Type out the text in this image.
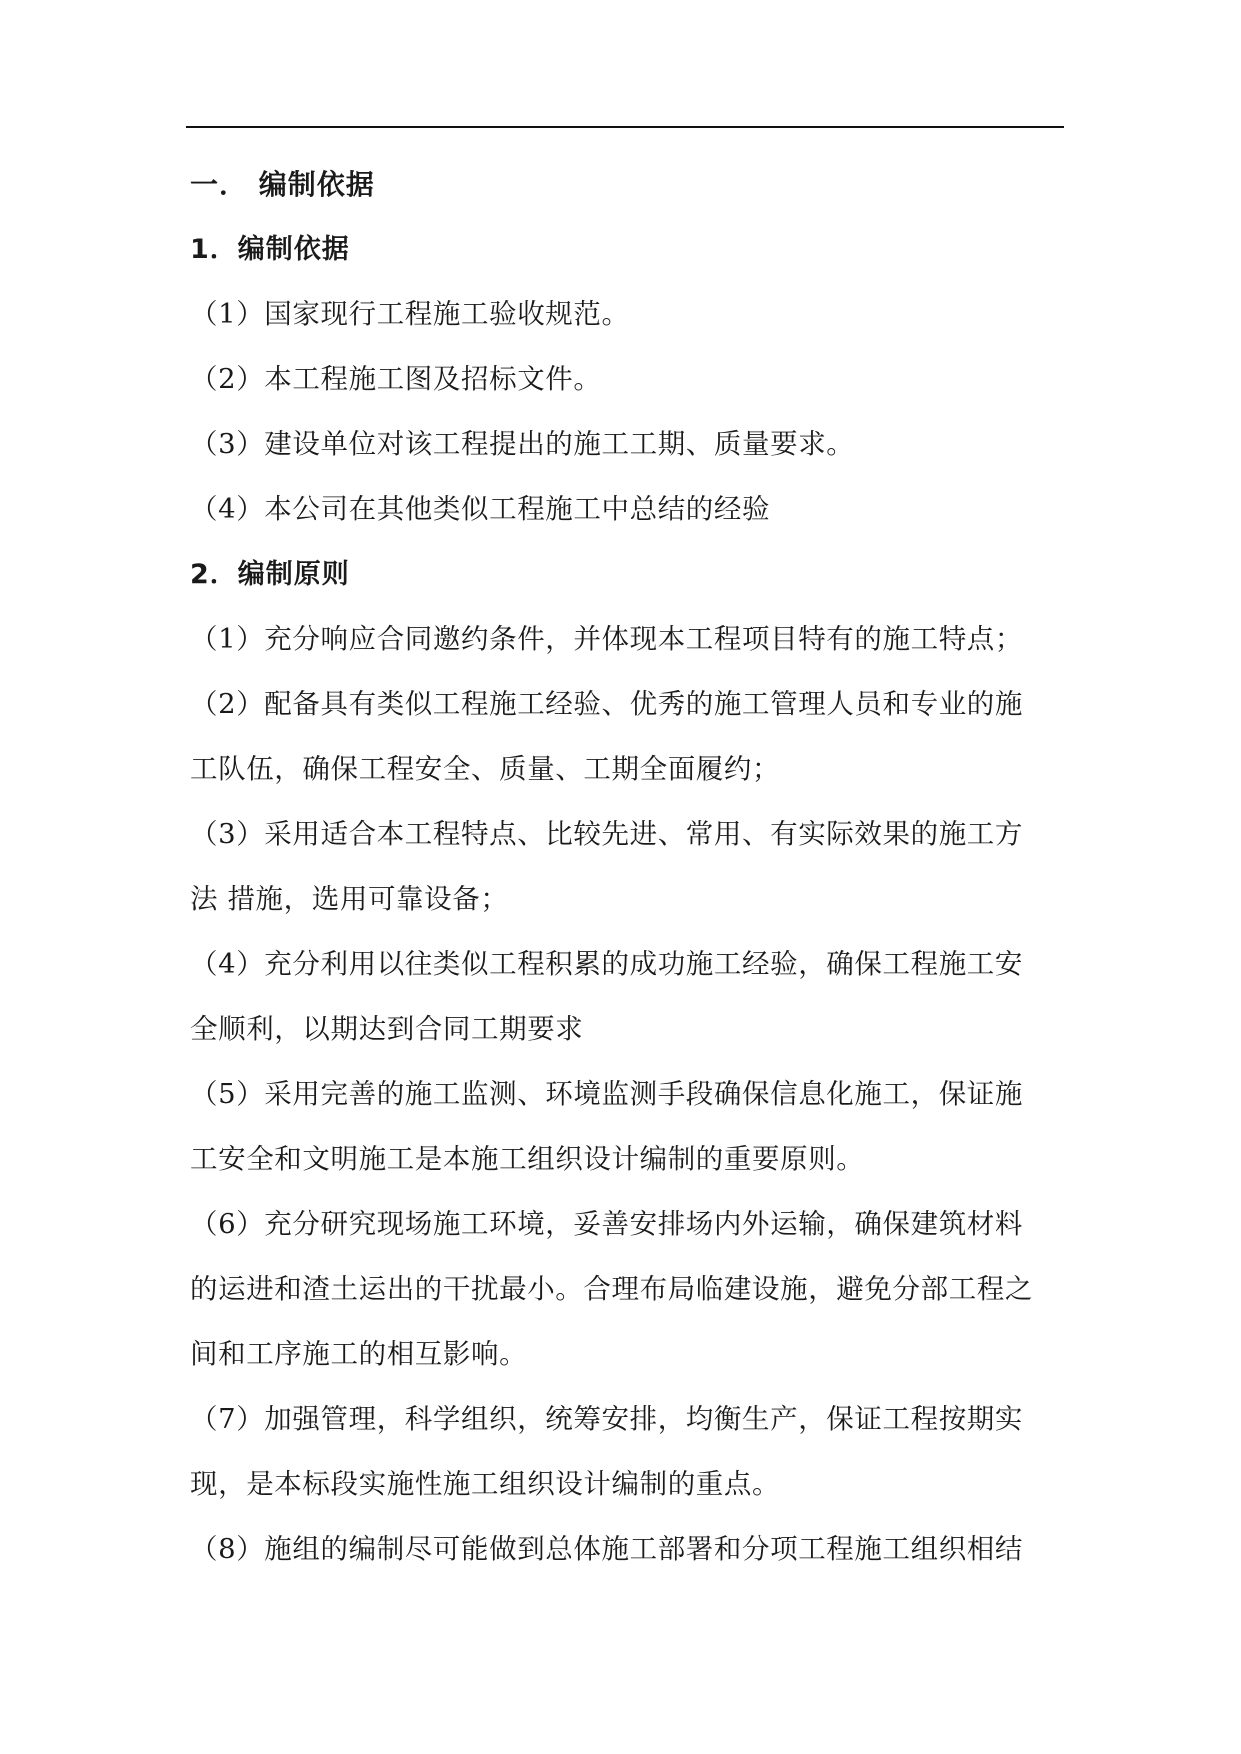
一． 编制依据
1．编制依据
（1）国家现行工程施工验收规范。
（2）本工程施工图及招标文件。
（3）建设单位对该工程提出的施工工期、质量要求。
（4）本公司在其他类似工程施工中总结的经验
2．编制原则
（1）充分响应合同邀约条件，并体现本工程项目特有的施工特点；
（2）配备具有类似工程施工经验、优秀的施工管理人员和专业的施
工队伍，确保工程安全、质量、工期全面履约；
（3）采用适合本工程特点、比较先进、常用、有实际效果的施工方
法 措施，选用可靠设备；
（4）充分利用以往类似工程积累的成功施工经验，确保工程施工安
全顺利，以期达到合同工期要求
（5）采用完善的施工监测、环境监测手段确保信息化施工，保证施
工安全和文明施工是本施工组织设计编制的重要原则。
（6）充分研究现场施工环境，妥善安排场内外运输，确保建筑材料
的运进和渣土运出的干扰最小。合理布局临建设施，避免分部工程之
间和工序施工的相互影响。
（7）加强管理，科学组织，统筹安排，均衡生产，保证工程按期实
现，是本标段实施性施工组织设计编制的重点。
（8）施组的编制尽可能做到总体施工部署和分项工程施工组织相结
